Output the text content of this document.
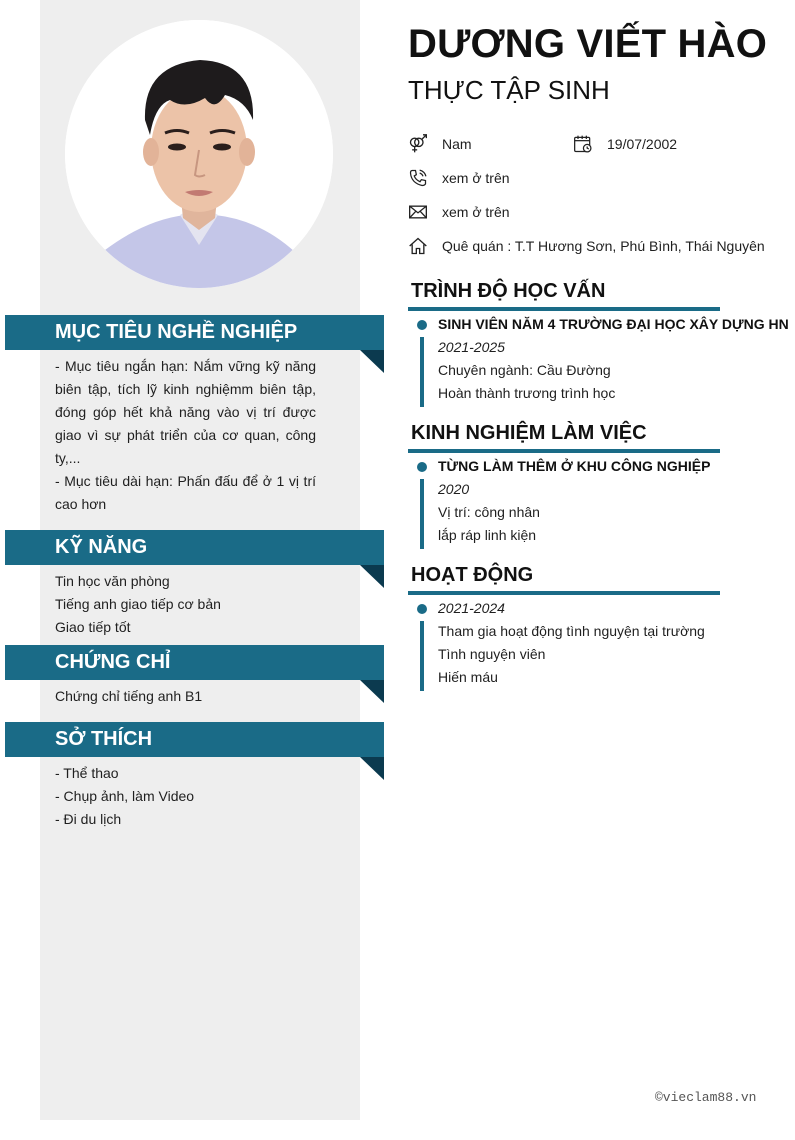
MỤC TIÊU NGHỀ NGHIỆP
- Mục tiêu ngắn hạn: Nắm vững kỹ năng biên tập, tích lỹ kinh nghiệmm biên tập, đóng góp hết khả năng vào vị trí được giao vì sự phát triển của cơ quan, công ty,...
- Mục tiêu dài hạn: Phấn đấu để ở 1 vị trí cao hơn
KỸ NĂNG
Tin học văn phòng
Tiếng anh giao tiếp cơ bản
Giao tiếp tốt
CHỨNG CHỈ
Chứng chỉ tiếng anh B1
SỞ THÍCH
- Thể thao
- Chụp ảnh, làm Video
- Đi du lịch
DƯƠNG VIẾT HÀO
THỰC TẬP SINH
Nam	19/07/2002
xem ở trên
xem ở trên
Quê quán : T.T Hương Sơn, Phú Bình, Thái Nguyên
TRÌNH ĐỘ HỌC VẤN
SINH VIÊN NĂM 4 TRƯỜNG ĐẠI HỌC XÂY DỰNG HN
2021-2025
Chuyên ngành: Cầu Đường
Hoàn thành trương trình học
KINH NGHIỆM LÀM VIỆC
TỪNG LÀM THÊM Ở KHU CÔNG NGHIỆP
2020
Vị trí: công nhân
lắp ráp linh kiện
HOẠT ĐỘNG
2021-2024
Tham gia hoạt động tình nguyện tại trường
Tình nguyện viên
Hiến máu
©vieclam88.vn
